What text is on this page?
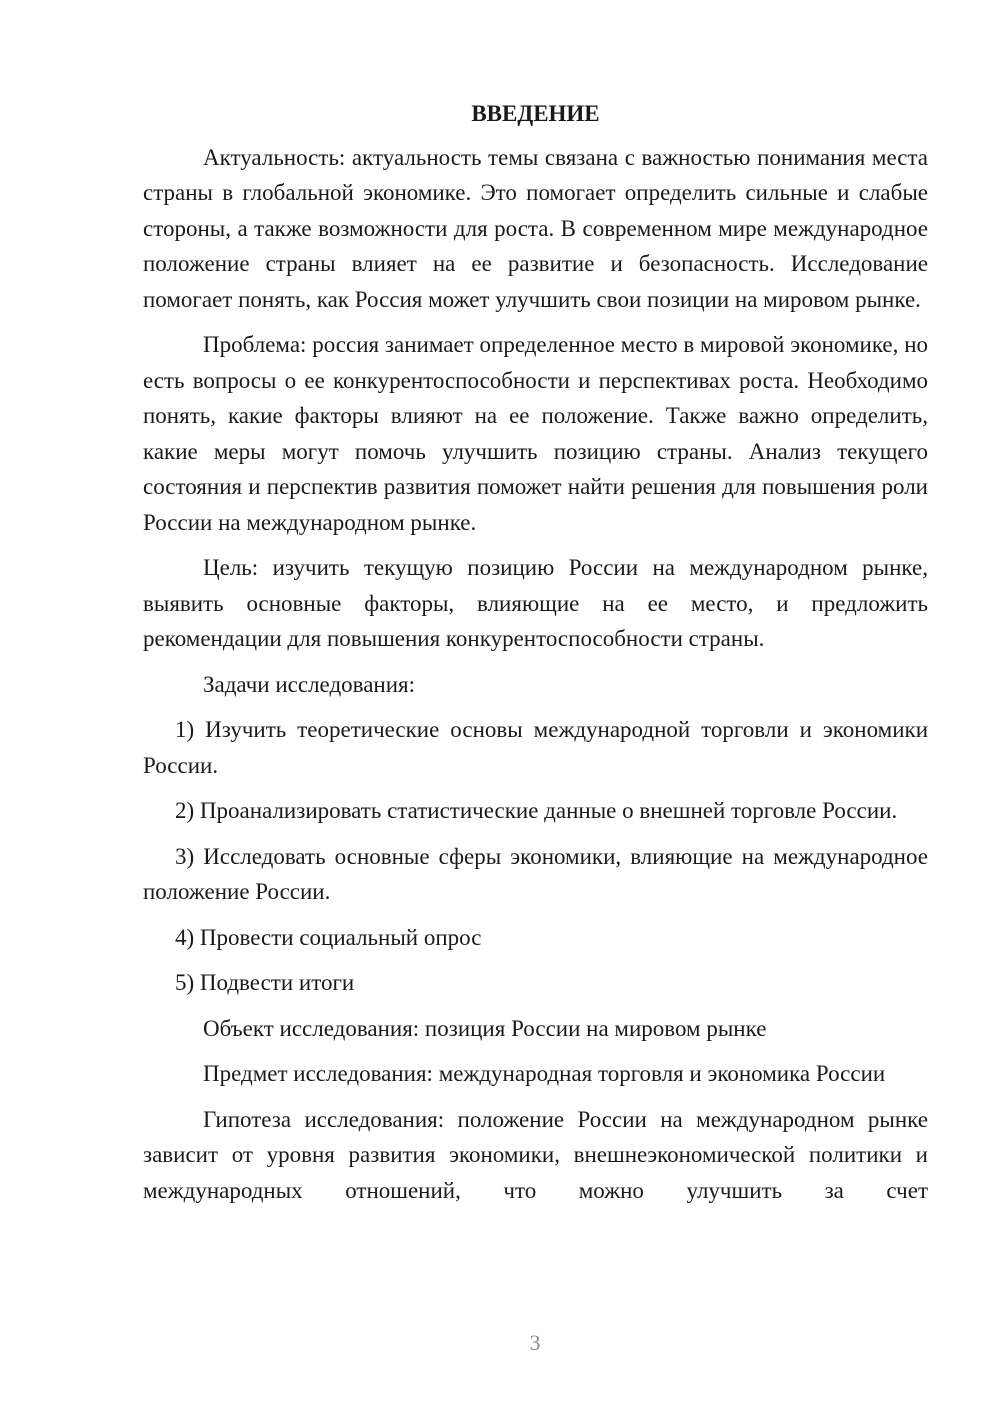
ВВЕДЕНИЕ

Актуальность: актуальность темы связана с важностью понимания места страны в глобальной экономике. Это помогает определить сильные и слабые стороны, а также возможности для роста. В современном мире международное положение страны влияет на ее развитие и безопасность. Исследование помогает понять, как Россия может улучшить свои позиции на мировом рынке.

Проблема: россия занимает определенное место в мировой экономике, но есть вопросы о ее конкурентоспособности и перспективах роста. Необходимо понять, какие факторы влияют на ее положение. Также важно определить, какие меры могут помочь улучшить позицию страны. Анализ текущего состояния и перспектив развития поможет найти решения для повышения роли России на международном рынке.

Цель: изучить текущую позицию России на международном рынке, выявить основные факторы, влияющие на ее место, и предложить рекомендации для повышения конкурентоспособности страны.

Задачи исследования:

1) Изучить теоретические основы международной торговли и экономики России.

2) Проанализировать статистические данные о внешней торговле России.

3) Исследовать основные сферы экономики, влияющие на международное положение России.

4) Провести социальный опрос

5) Подвести итоги

Объект исследования: позиция России на мировом рынке

Предмет исследования: международная торговля и экономика России

Гипотеза исследования: положение России на международном рынке зависит от уровня развития экономики, внешнеэкономической политики и международных отношений, что можно улучшить за счет

3
